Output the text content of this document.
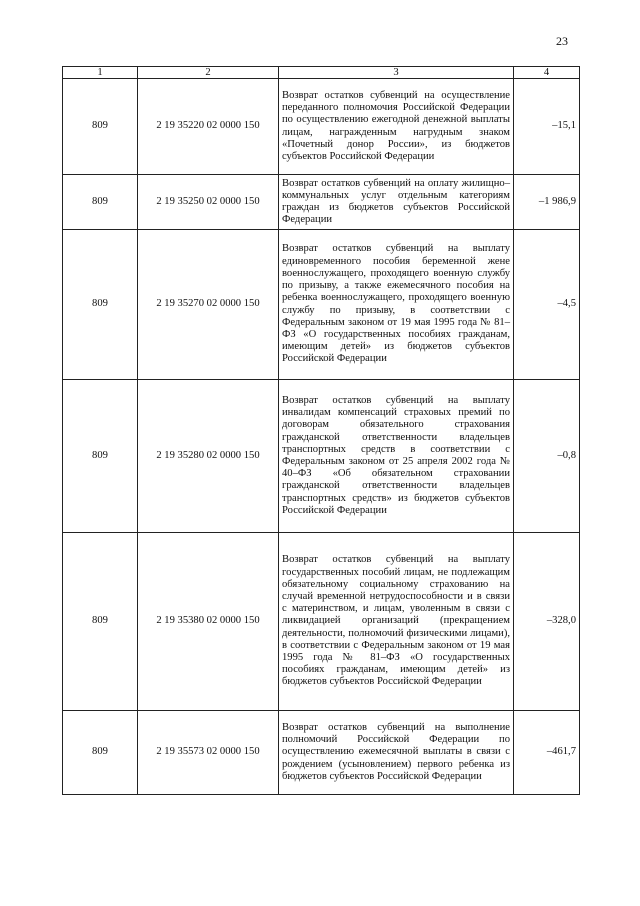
23
1	2	3	4
809	2 19 35220 02 0000 150	Возврат остатков субвенций на осуществление переданного полномочия Российской Федерации по осуществлению ежегодной денежной выплаты лицам, награжденным нагрудным знаком «Почетный донор России», из бюджетов субъектов Российской Федерации	–15,1
809	2 19 35250 02 0000 150	Возврат остатков субвенций на оплату жилищно–коммунальных услуг отдельным категориям граждан из бюджетов субъектов Российской Федерации	–1 986,9
809	2 19 35270 02 0000 150	Возврат остатков субвенций на выплату единовременного пособия беременной жене военнослужащего, проходящего военную службу по призыву, а также ежемесячного пособия на ребенка военнослужащего, проходящего военную службу по призыву, в соответствии с Федеральным законом от 19 мая 1995 года № 81–ФЗ «О государственных пособиях гражданам, имеющим детей» из бюджетов субъектов Российской Федерации	–4,5
809	2 19 35280 02 0000 150	Возврат остатков субвенций на выплату инвалидам компенсаций страховых премий по договорам обязательного страхования гражданской ответственности владельцев транспортных средств в соответствии с Федеральным законом от 25 апреля 2002 года № 40–ФЗ «Об обязательном страховании гражданской ответственности владельцев транспортных средств» из бюджетов субъектов Российской Федерации	–0,8
809	2 19 35380 02 0000 150	Возврат остатков субвенций на выплату государственных пособий лицам, не подлежащим обязательному социальному страхованию на случай временной нетрудоспособности и в связи с материнством, и лицам, уволенным в связи с ликвидацией организаций (прекращением деятельности, полномочий физическими лицами), в соответствии с Федеральным законом от 19 мая 1995 года № 81–ФЗ «О государственных пособиях гражданам, имеющим детей» из бюджетов субъектов Российской Федерации	–328,0
809	2 19 35573 02 0000 150	Возврат остатков субвенций на выполнение полномочий Российской Федерации по осуществлению ежемесячной выплаты в связи с рождением (усыновлением) первого ребенка из бюджетов субъектов Российской Федерации	–461,7
